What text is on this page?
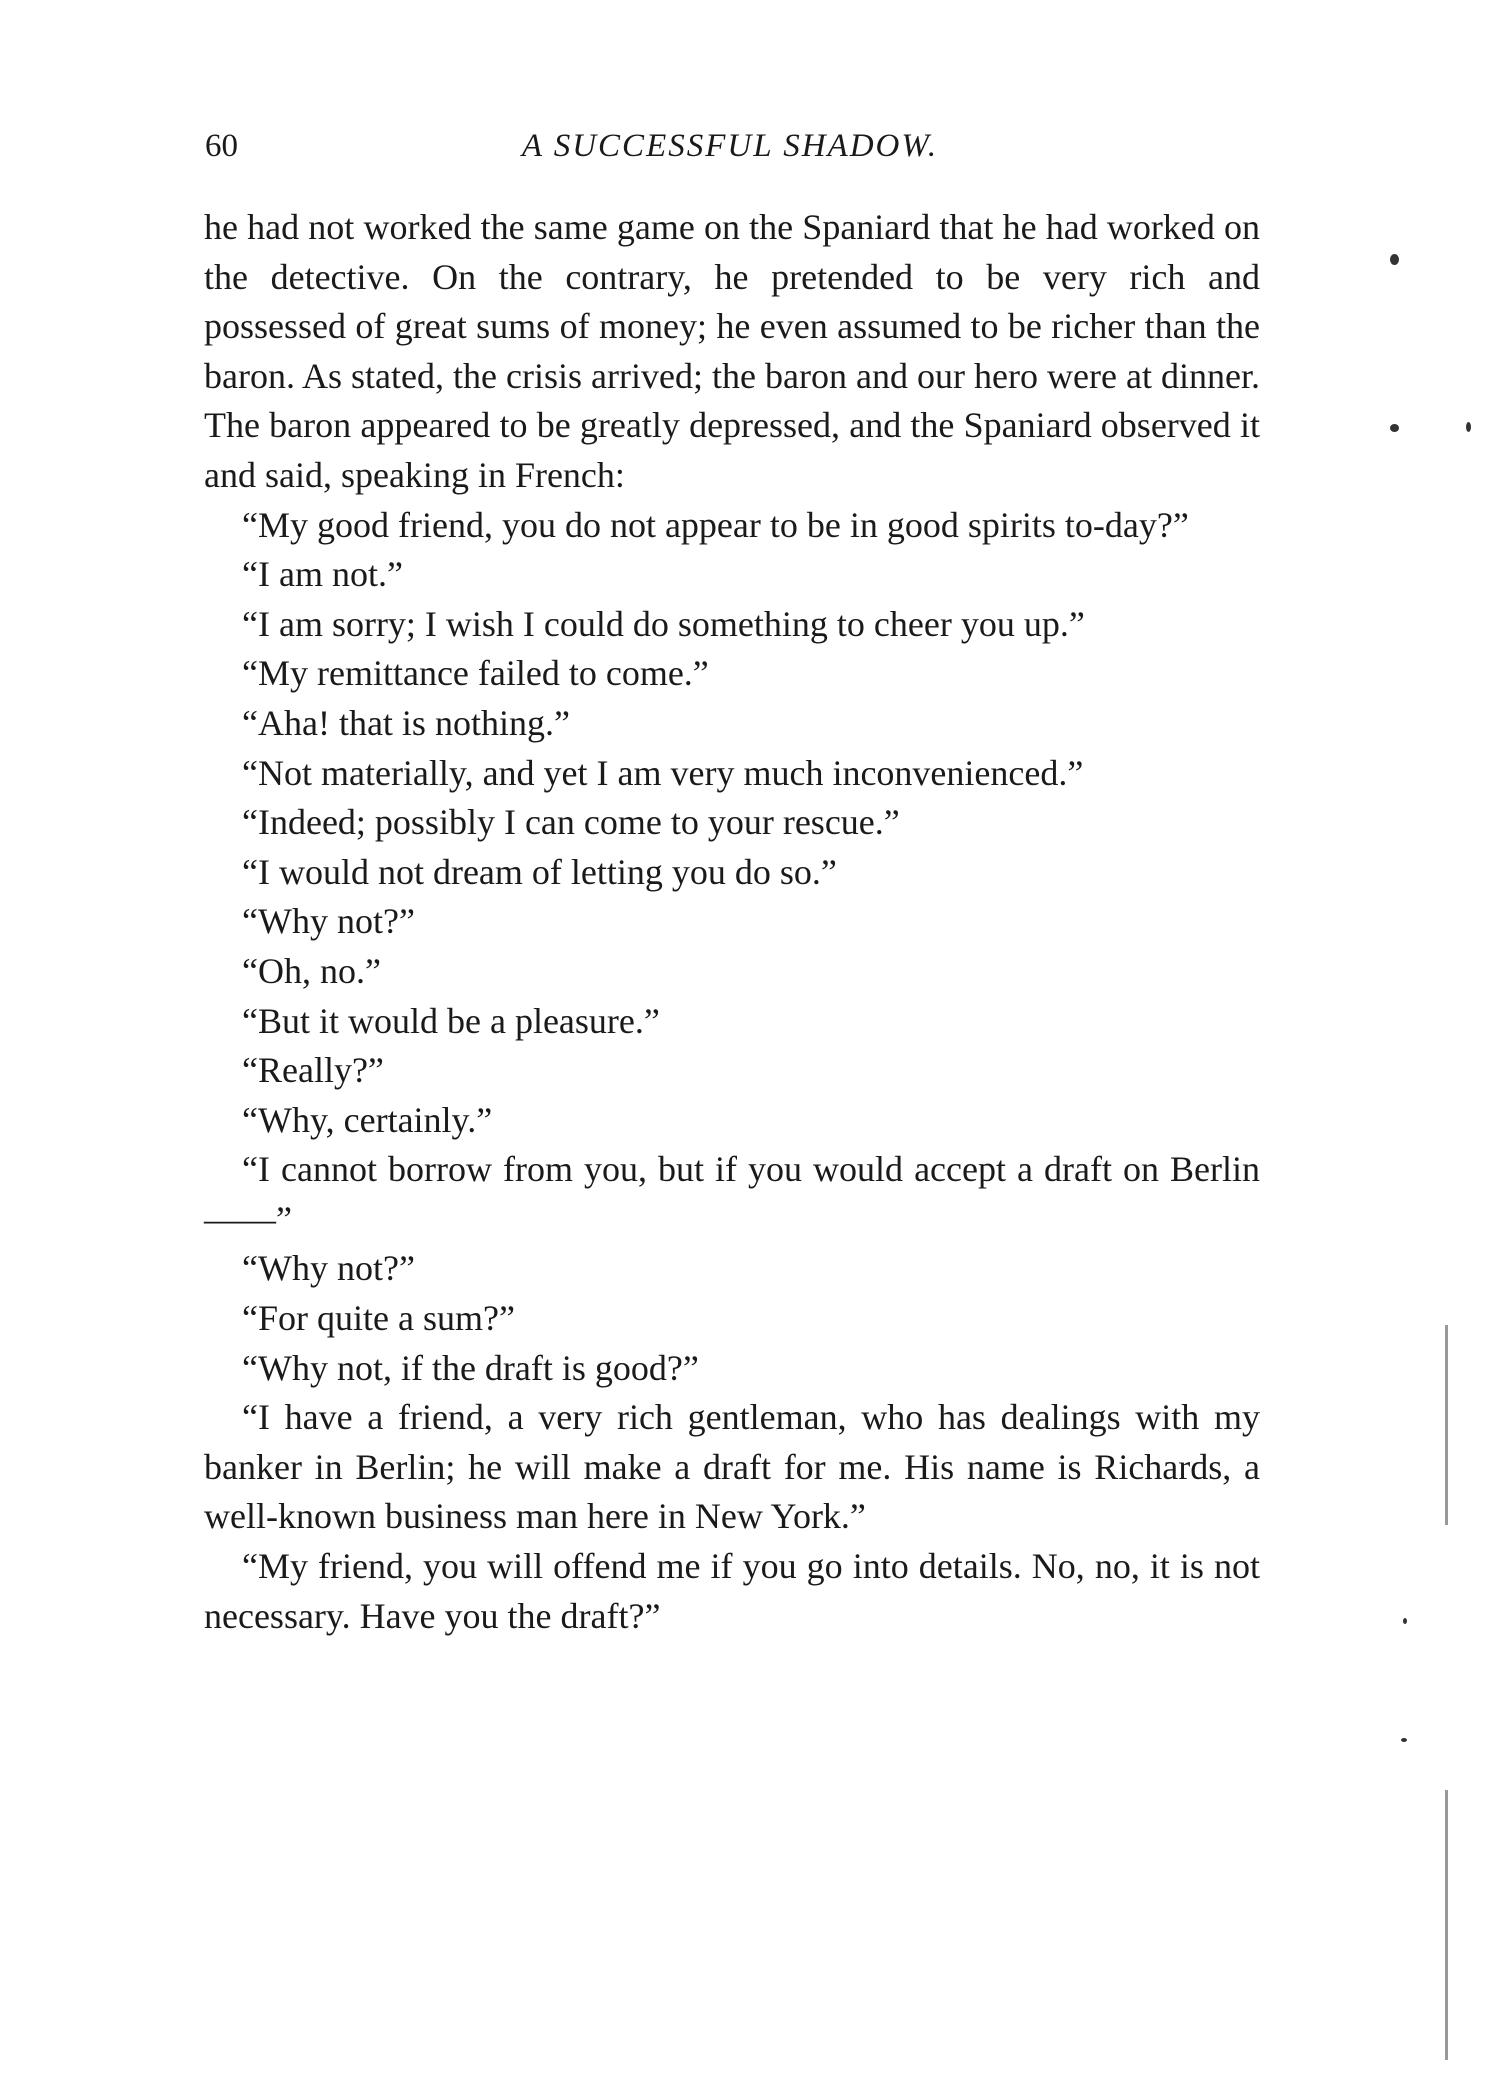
60	A SUCCESSFUL SHADOW.

he had not worked the same game on the Spaniard that he had worked on the detective. On the contrary, he pretended to be very rich and possessed of great sums of money; he even assumed to be richer than the baron. As stated, the crisis arrived; the baron and our hero were at dinner. The baron appeared to be greatly depressed, and the Spaniard observed it and said, speaking in French:

“My good friend, you do not appear to be in good spirits to-day?”

“I am not.”

“I am sorry; I wish I could do something to cheer you up.”

“My remittance failed to come.”

“Aha! that is nothing.”

“Not materially, and yet I am very much inconvenienced.”

“Indeed; possibly I can come to your rescue.”

“I would not dream of letting you do so.”

“Why not?”

“Oh, no.”

“But it would be a pleasure.”

“Really?”

“Why, certainly.”

“I cannot borrow from you, but if you would accept a draft on Berlin——”

“Why not?”

“For quite a sum?”

“Why not, if the draft is good?”

“I have a friend, a very rich gentleman, who has dealings with my banker in Berlin; he will make a draft for me. His name is Richards, a well-known business man here in New York.”

“My friend, you will offend me if you go into details. No, no, it is not necessary. Have you the draft?”
